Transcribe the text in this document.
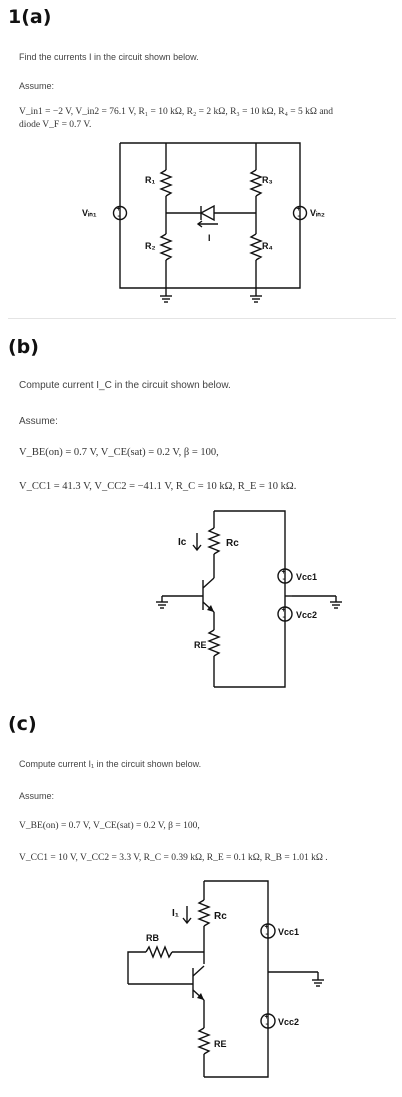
1(a)
Find the currents I in the circuit shown below.
Assume:
V_in1 = −2 V, V_in2 = 76.1 V, R₁ = 10 kΩ, R₂ = 2 kΩ, R₃ = 10 kΩ, R₄ = 5 kΩ and
diode V_F = 0.7 V.
I
+
-
+
-
R₁
R₂
R₃
R₄
Vᵢₙ₁	Vᵢₙ₂
(b)
Compute current I_C in the circuit shown below.
Assume:
V_BE(on) = 0.7 V, V_CE(sat) = 0.2 V, β = 100,
V_CC1 = 41.3 V, V_CC2 = −41.1 V, R_C = 10 kΩ, R_E = 10 kΩ.
+
-
+
-
Ic	Rc
RE
Vcc1
Vcc2
(c)
Compute current I₁ in the circuit shown below.
Assume:
V_BE(on) = 0.7 V, V_CE(sat) = 0.2 V, β = 100,
V_CC1 = 10 V, V_CC2 = 3.3 V, R_C = 0.39 kΩ, R_E = 0.1 kΩ, R_B = 1.01 kΩ .
+
-
+
-
I₁	Rc
RB
RE
Vcc1
Vcc2
